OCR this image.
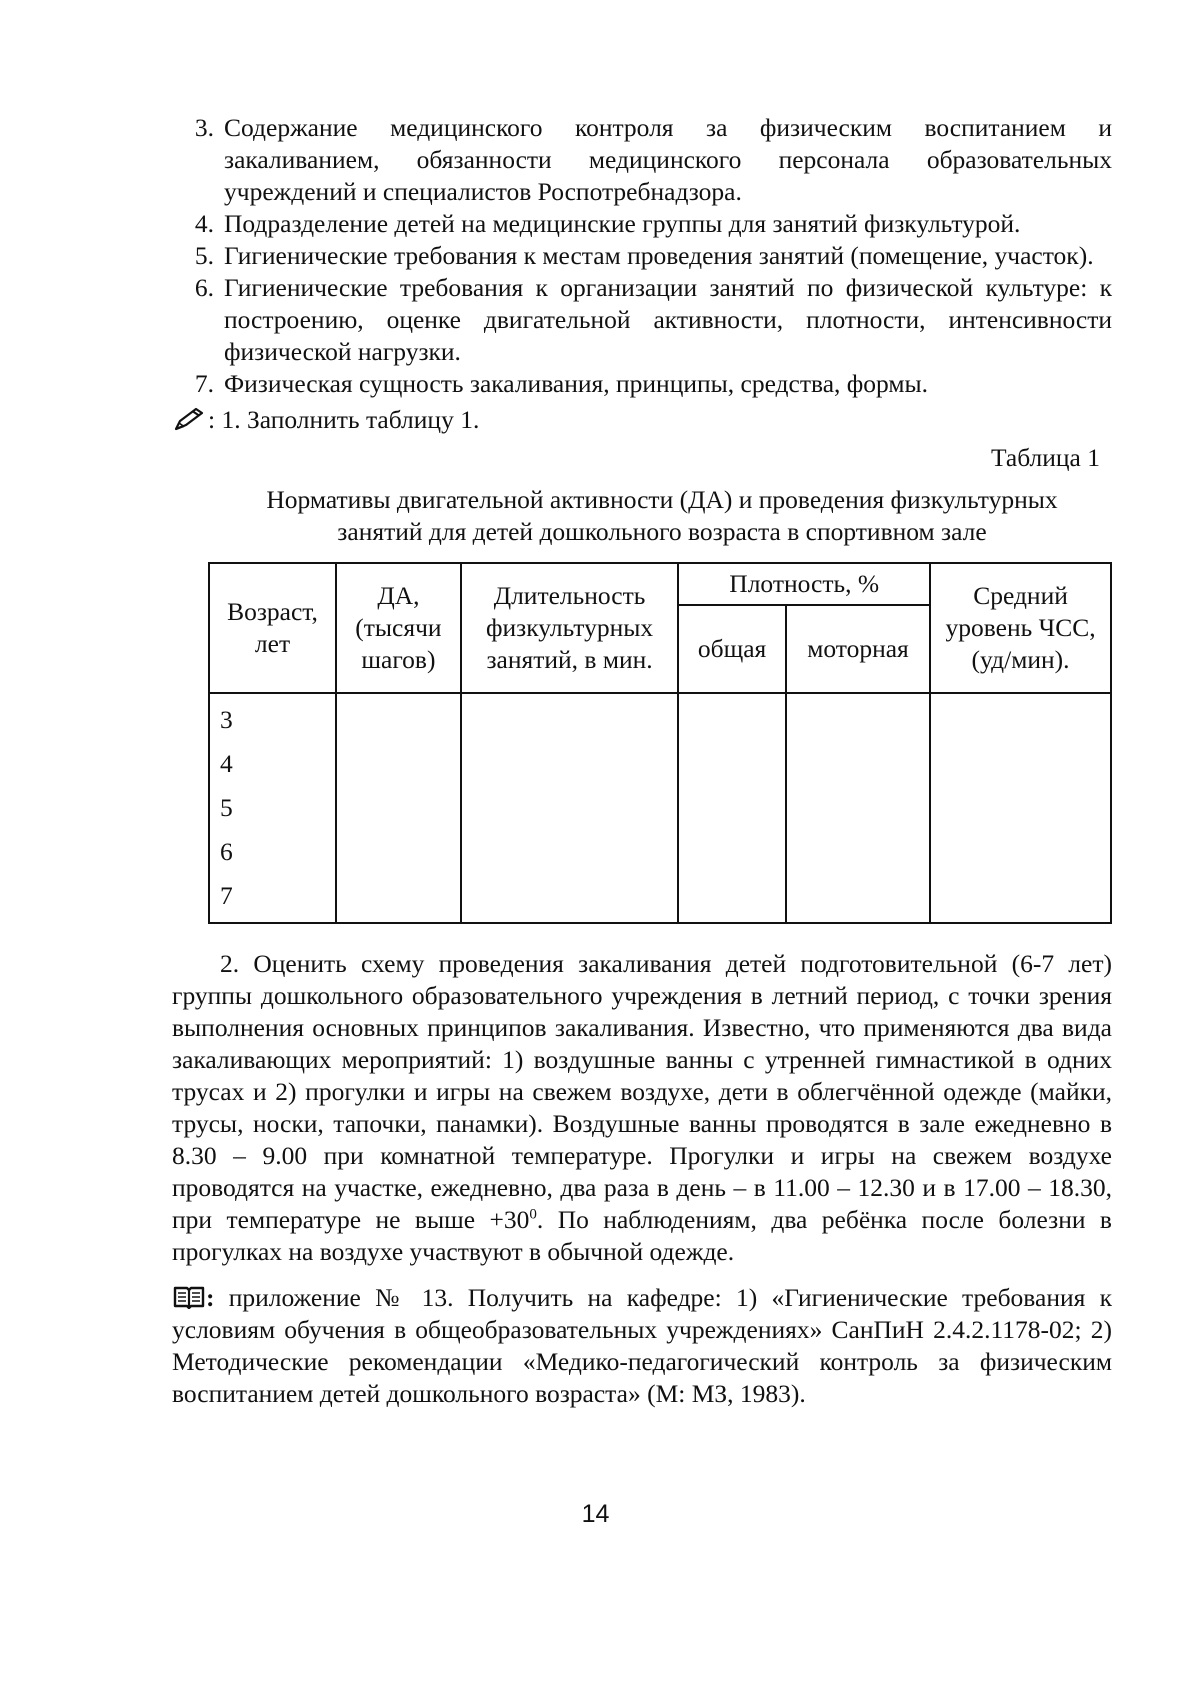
3. Содержание медицинского контроля за физическим воспитанием и закаливанием, обязанности медицинского персонала образовательных учреждений и специалистов Роспотребнадзора.
4. Подразделение детей на медицинские группы для занятий физкультурой.
5. Гигиенические требования к местам проведения занятий (помещение, участок).
6. Гигиенические требования к организации занятий по физической культуре: к построению, оценке двигательной активности, плотности, интенсивности физической нагрузки.
7. Физическая сущность закаливания, принципы, средства, формы.
: 1. Заполнить таблицу 1.
Таблица 1
Нормативы двигательной активности (ДА) и проведения физкультурных
занятий для детей дошкольного возраста в спортивном зале
Возраст, лет	ДА, (тысячи шагов)	Длительность физкультурных занятий, в мин.	Плотность, %		Средний уровень ЧСС, (уд/мин).
			общая	моторная	

3
4
5
6
7					

2. Оценить схему проведения закаливания детей подготовительной (6-7 лет) группы дошкольного образовательного учреждения в летний период, с точки зрения выполнения основных принципов закаливания. Известно, что применяются два вида закаливающих мероприятий: 1) воздушные ванны с утренней гимнастикой в одних трусах и 2) прогулки и игры на свежем воздухе, дети в облегчённой одежде (майки, трусы, носки, тапочки, панамки). Воздушные ванны проводятся в зале ежедневно в 8.30 – 9.00 при комнатной температуре. Прогулки и игры на свежем воздухе проводятся на участке, ежедневно, два раза в день – в 11.00 – 12.30 и в 17.00 – 18.30, при температуре не выше $+30^0$. По наблюдениям, два ребёнка после болезни в прогулках на воздухе участвуют в обычной одежде.
: приложение № 13. Получить на кафедре: 1) «Гигиенические требования к условиям обучения в общеобразовательных учреждениях» СанПиН 2.4.2.1178-02; 2) Методические рекомендации «Медико-педагогический контроль за физическим воспитанием детей дошкольного возраста» (М: МЗ, 1983).
14
